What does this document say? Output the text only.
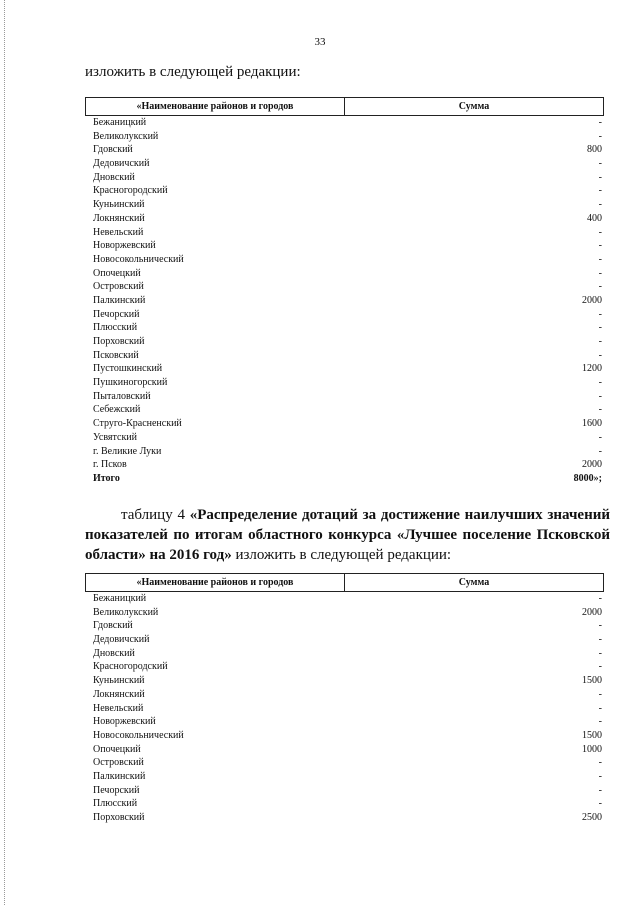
33
изложить в следующей редакции:
«Наименование районов и городов	Сумма
Бежаницкий	-
Великолукский	-
Гдовский	800
Дедовичский	-
Дновский	-
Красногородский	-
Куньинский	-
Локнянский	400
Невельский	-
Новоржевский	-
Новосокольнический	-
Опочецкий	-
Островский	-
Палкинский	2000
Печорский	-
Плюсский	-
Порховский	-
Псковский	-
Пустошкинский	1200
Пушкиногорский	-
Пыталовский	-
Себежский	-
Струго-Красненский	1600
Усвятский	-
г. Великие Луки	-
г. Псков	2000
Итого	8000»;
таблицу 4 «Распределение дотаций за достижение наилучших значений показателей по итогам областного конкурса «Лучшее поселение Псковской области» на 2016 год» изложить в следующей редакции:
«Наименование районов и городов	Сумма
Бежаницкий	-
Великолукский	2000
Гдовский	-
Дедовичский	-
Дновский	-
Красногородский	-
Куньинский	1500
Локнянский	-
Невельский	-
Новоржевский	-
Новосокольнический	1500
Опочецкий	1000
Островский	-
Палкинский	-
Печорский	-
Плюсский	-
Порховский	2500
